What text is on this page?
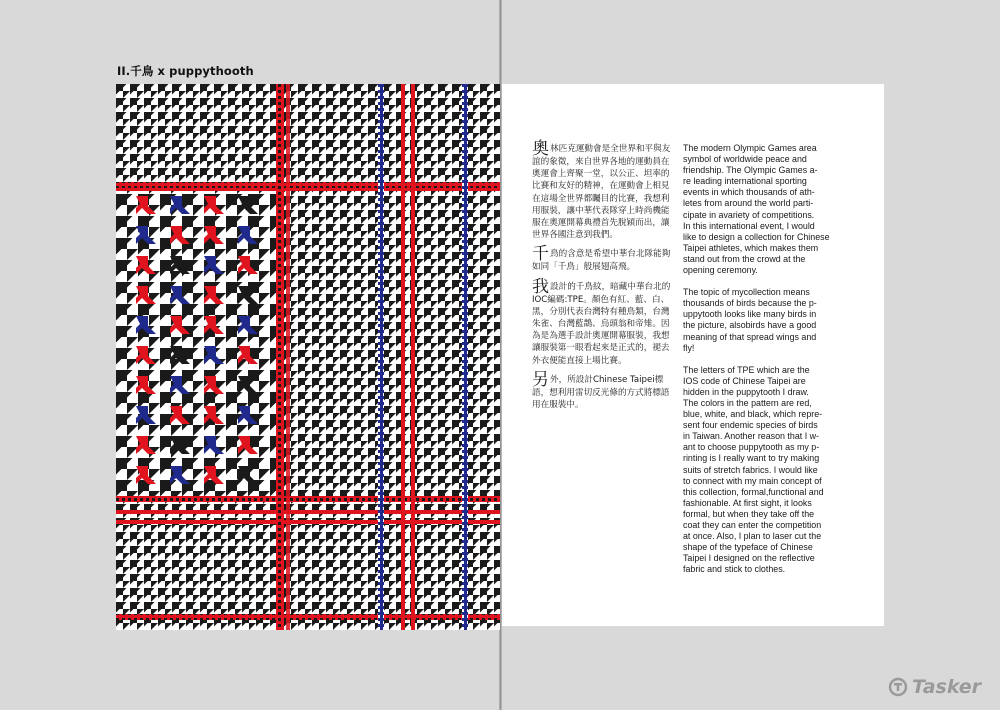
II.千鳥 x puppythooth

奧林匹克運動會是全世界和平與友誼的象徵，來自世界各地的運動員在奧運會上齊聚一堂，以公正、坦率的比賽和友好的精神，在運動會上相見在這場全世界都矚目的比賽，我想利用服裝，讓中華代表隊穿上時尚機能服在奧運開幕典禮首先脫穎而出，讓世界各國注意到我們。

千鳥的含意是希望中華台北隊能夠如同「千鳥」般展翅高飛。

我設計的千鳥紋，暗藏中華台北的IOC編碼:TPE。顏色有紅、藍、白、黑，分別代表台灣特有種鳥類，台灣朱雀、台灣藍鵲、烏頭翁和帝雉。因為是為選手設計奧運開幕服裝，我想讓服裝第一眼看起來是正式的，褪去外衣便能直接上場比賽。

另外，所設計Chinese Taipei標語，想利用雷切反光條的方式將標語用在服裝中。

The modern Olympic Games area
symbol of worldwide peace and
friendship. The Olympic Games a-
re leading international sporting
events in which thousands of ath-
letes from around the world parti-
cipate in avariety of competitions.
In this international event, I would
like to design a collection for Chinese
Taipei athletes, which makes them
stand out from the crowd at the
opening ceremony.

The topic of mycollection means
thousands of birds because the p-
uppytooth looks like many birds in
the picture, alsobirds have a good
meaning of that spread wings and
fly!

The letters of TPE which are the
IOS code of Chinese Taipei are
hidden in the puppytooth I draw.
The colors in the pattern are red,
blue, white, and black, which repre-
sent four endemic species of birds
in Taiwan. Another reason that I w-
ant to choose puppytooth as my p-
rinting is I really want to try making
suits of stretch fabrics. I would like
to connect with my main concept of
this collection, formal,functional and
fashionable. At first sight, it looks
formal, but when they take off the
coat they can enter the competition
at once. Also, I plan to laser cut the
shape of the typeface of Chinese
Taipei I designed on the reflective
fabric and stick to clothes.

Tasker
